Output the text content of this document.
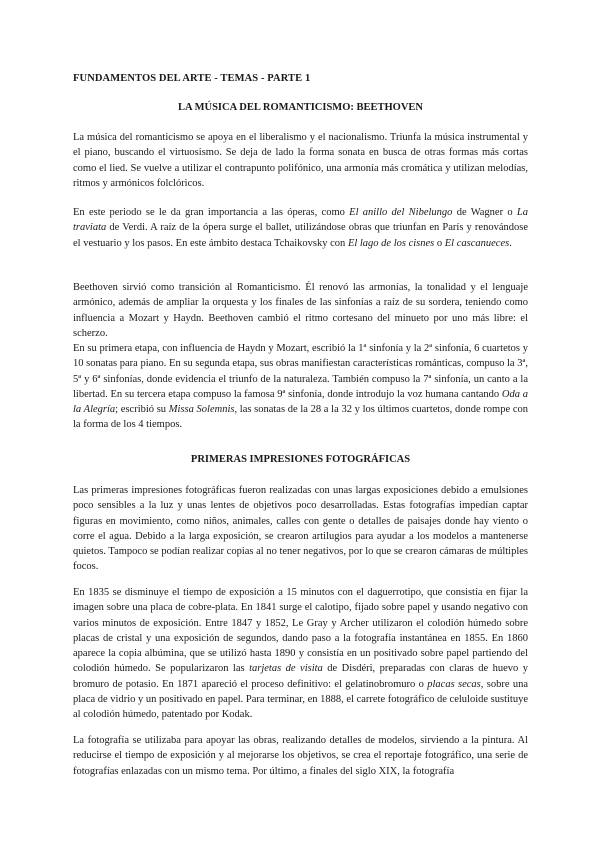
FUNDAMENTOS DEL ARTE - TEMAS - PARTE 1
LA MÚSICA DEL ROMANTICISMO: BEETHOVEN

La música del romanticismo se apoya en el liberalismo y el nacionalismo. Triunfa la música instrumental y el piano, buscando el virtuosismo. Se deja de lado la forma sonata en busca de otras formas más cortas como el lied. Se vuelve a utilizar el contrapunto polifónico, una armonía más cromática y utilizan melodías, ritmos y armónicos folclóricos.

En este periodo se le da gran importancia a las óperas, como El anillo del Nibelungo de Wagner o La traviata de Verdi. A raíz de la ópera surge el ballet, utilizándose obras que triunfan en París y renovándose el vestuario y los pasos. En este ámbito destaca Tchaikovsky con El lago de los cisnes o El cascanueces.

Beethoven sirvió como transición al Romanticismo. Él renovó las armonías, la tonalidad y el lenguaje armónico, además de ampliar la orquesta y los finales de las sinfonías a raíz de su sordera, teniendo como influencia a Mozart y Haydn. Beethoven cambió el ritmo cortesano del minueto por uno más libre: el scherzo.

En su primera etapa, con influencia de Haydn y Mozart, escribió la 1ª sinfonía y la 2ª sinfonía, 6 cuartetos y 10 sonatas para piano. En su segunda etapa, sus obras manifiestan características románticas, compuso la 3ª, 5ª y 6ª sinfonías, donde evidencia el triunfo de la naturaleza. También compuso la 7ª sinfonía, un canto a la libertad. En su tercera etapa compuso la famosa 9ª sinfonía, donde introdujo la voz humana cantando Oda a la Alegría; escribió su Missa Solemnis, las sonatas de la 28 a la 32 y los últimos cuartetos, donde rompe con la forma de los 4 tiempos.

PRIMERAS IMPRESIONES FOTOGRÁFICAS

Las primeras impresiones fotográficas fueron realizadas con unas largas exposiciones debido a emulsiones poco sensibles a la luz y unas lentes de objetivos poco desarrolladas. Estas fotografías impedían captar figuras en movimiento, como niños, animales, calles con gente o detalles de paisajes donde hay viento o corre el agua. Debido a la larga exposición, se crearon artilugios para ayudar a los modelos a mantenerse quietos. Tampoco se podían realizar copias al no tener negativos, por lo que se crearon cámaras de múltiples focos.

En 1835 se disminuye el tiempo de exposición a 15 minutos con el daguerrotipo, que consistía en fijar la imagen sobre una placa de cobre-plata. En 1841 surge el calotipo, fijado sobre papel y usando negativo con varios minutos de exposición. Entre 1847 y 1852, Le Gray y Archer utilizaron el colodión húmedo sobre placas de cristal y una exposición de segundos, dando paso a la fotografía instantánea en 1855. En 1860 aparece la copia albúmina, que se utilizó hasta 1890 y consistía en un positivado sobre papel partiendo del colodión húmedo. Se popularizaron las tarjetas de visita de Disdéri, preparadas con claras de huevo y bromuro de potasio. En 1871 apareció el proceso definitivo: el gelatinobromuro o placas secas, sobre una placa de vidrio y un positivado en papel. Para terminar, en 1888, el carrete fotográfico de celuloide sustituye al colodión húmedo, patentado por Kodak.

La fotografía se utilizaba para apoyar las obras, realizando detalles de modelos, sirviendo a la pintura. Al reducirse el tiempo de exposición y al mejorarse los objetivos, se crea el reportaje fotográfico, una serie de fotografías enlazadas con un mismo tema. Por último, a finales del siglo XIX, la fotografía
